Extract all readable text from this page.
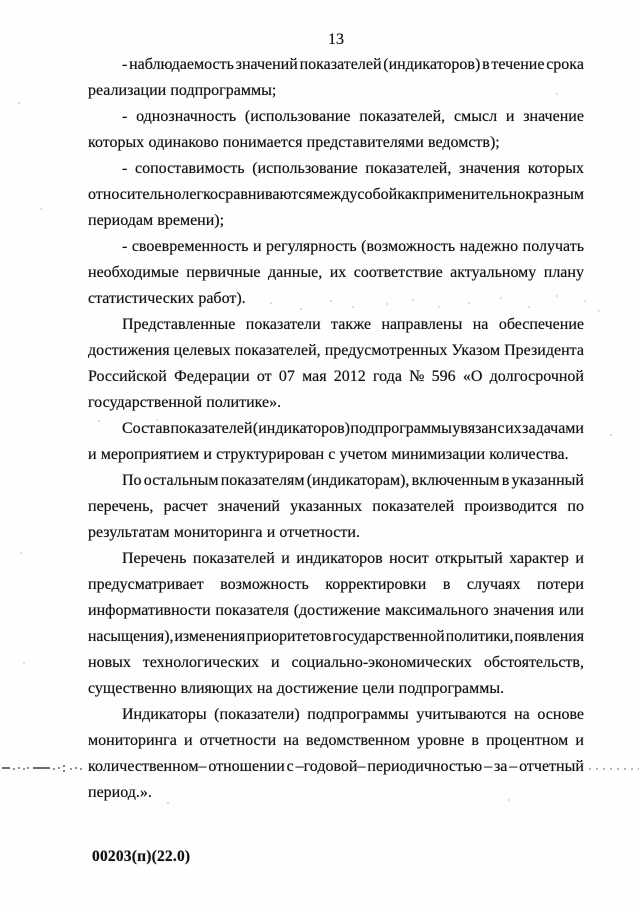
13
- наблюдаемость значений показателей (индикаторов) в течение срока
реализации подпрограммы;
- однозначность (использование показателей, смысл и значение
которых одинаково понимается представителями ведомств);
- сопоставимость (использование показателей, значения которых
относительно легко сравниваются между собой как применительно к разным
периодам времени);
- своевременность и регулярность (возможность надежно получать
необходимые первичные данные, их соответствие актуальному плану
статистических работ).
Представленные показатели также направлены на обеспечение
достижения целевых показателей, предусмотренных Указом Президента
Российской Федерации от 07 мая 2012 года № 596 «О долгосрочной
государственной политике».
Состав показателей (индикаторов) подпрограммы увязан с их задачами
и мероприятием и структурирован с учетом минимизации количества.
По остальным показателям (индикаторам), включенным в указанный
перечень, расчет значений указанных показателей производится по
результатам мониторинга и отчетности.
Перечень показателей и индикаторов носит открытый характер и
предусматривает возможность корректировки в случаях потери
информативности показателя (достижение максимального значения или
насыщения), изменения приоритетов государственной политики, появления
новых технологических и социально-экономических обстоятельств,
существенно влияющих на достижение цели подпрограммы.
Индикаторы (показатели) подпрограммы учитываются на основе
мониторинга и отчетности на ведомственном уровне в процентном и
количественном– отношении с –годовой– периодичностью – за – отчетный
период.».
00203(п)(22.0)
